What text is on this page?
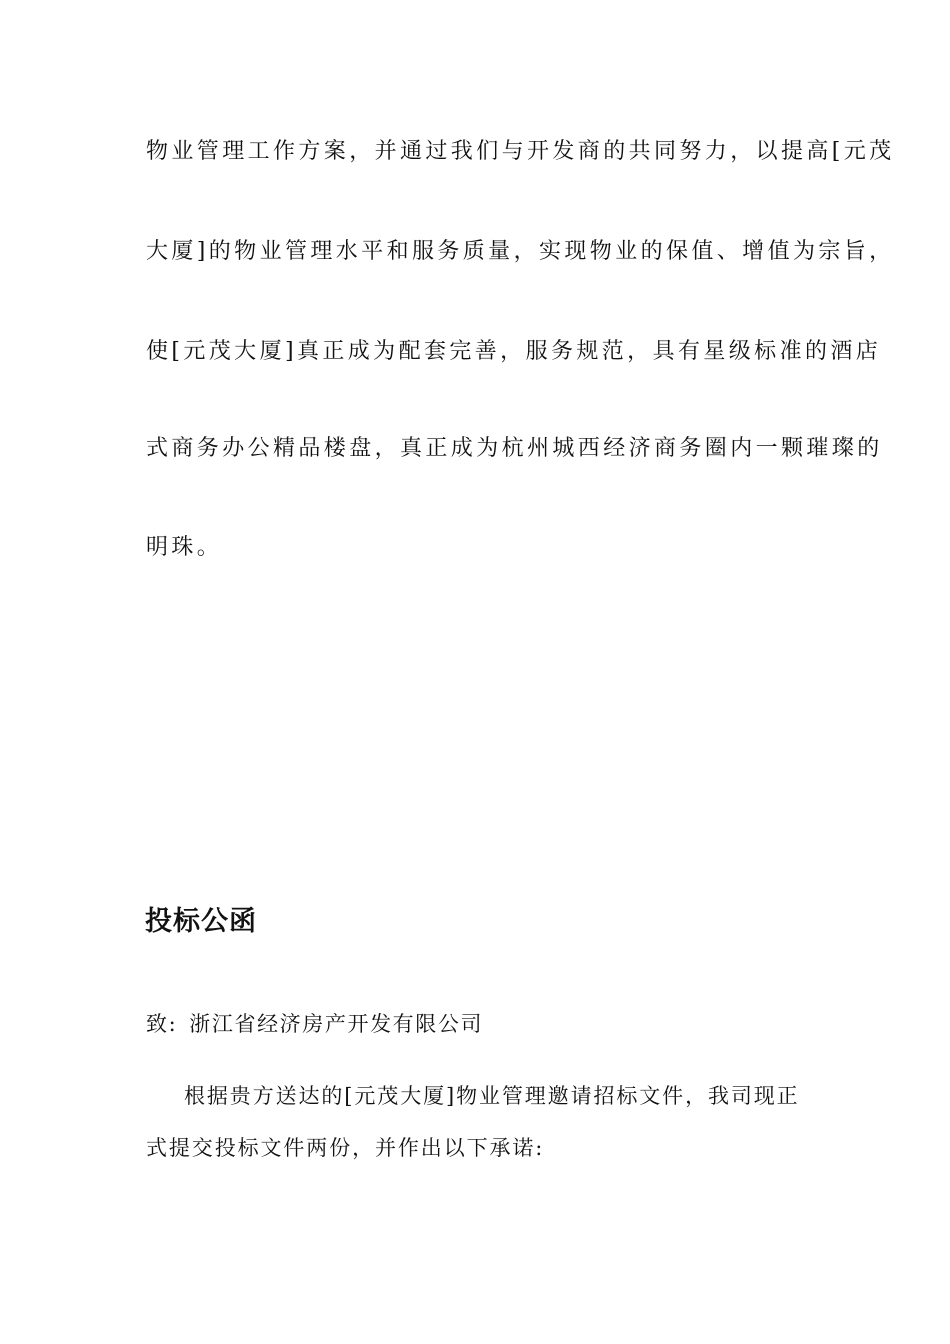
物业管理工作方案，并通过我们与开发商的共同努力，以提高[元茂
大厦]的物业管理水平和服务质量，实现物业的保值、增值为宗旨，
使[元茂大厦]真正成为配套完善，服务规范，具有星级标准的酒店
式商务办公精品楼盘，真正成为杭州城西经济商务圈内一颗璀璨的
明珠。
投标公函
致: 浙江省经济房产开发有限公司
根据贵方送达的[元茂大厦]物业管理邀请招标文件，我司现正
式提交投标文件两份，并作出以下承诺:
